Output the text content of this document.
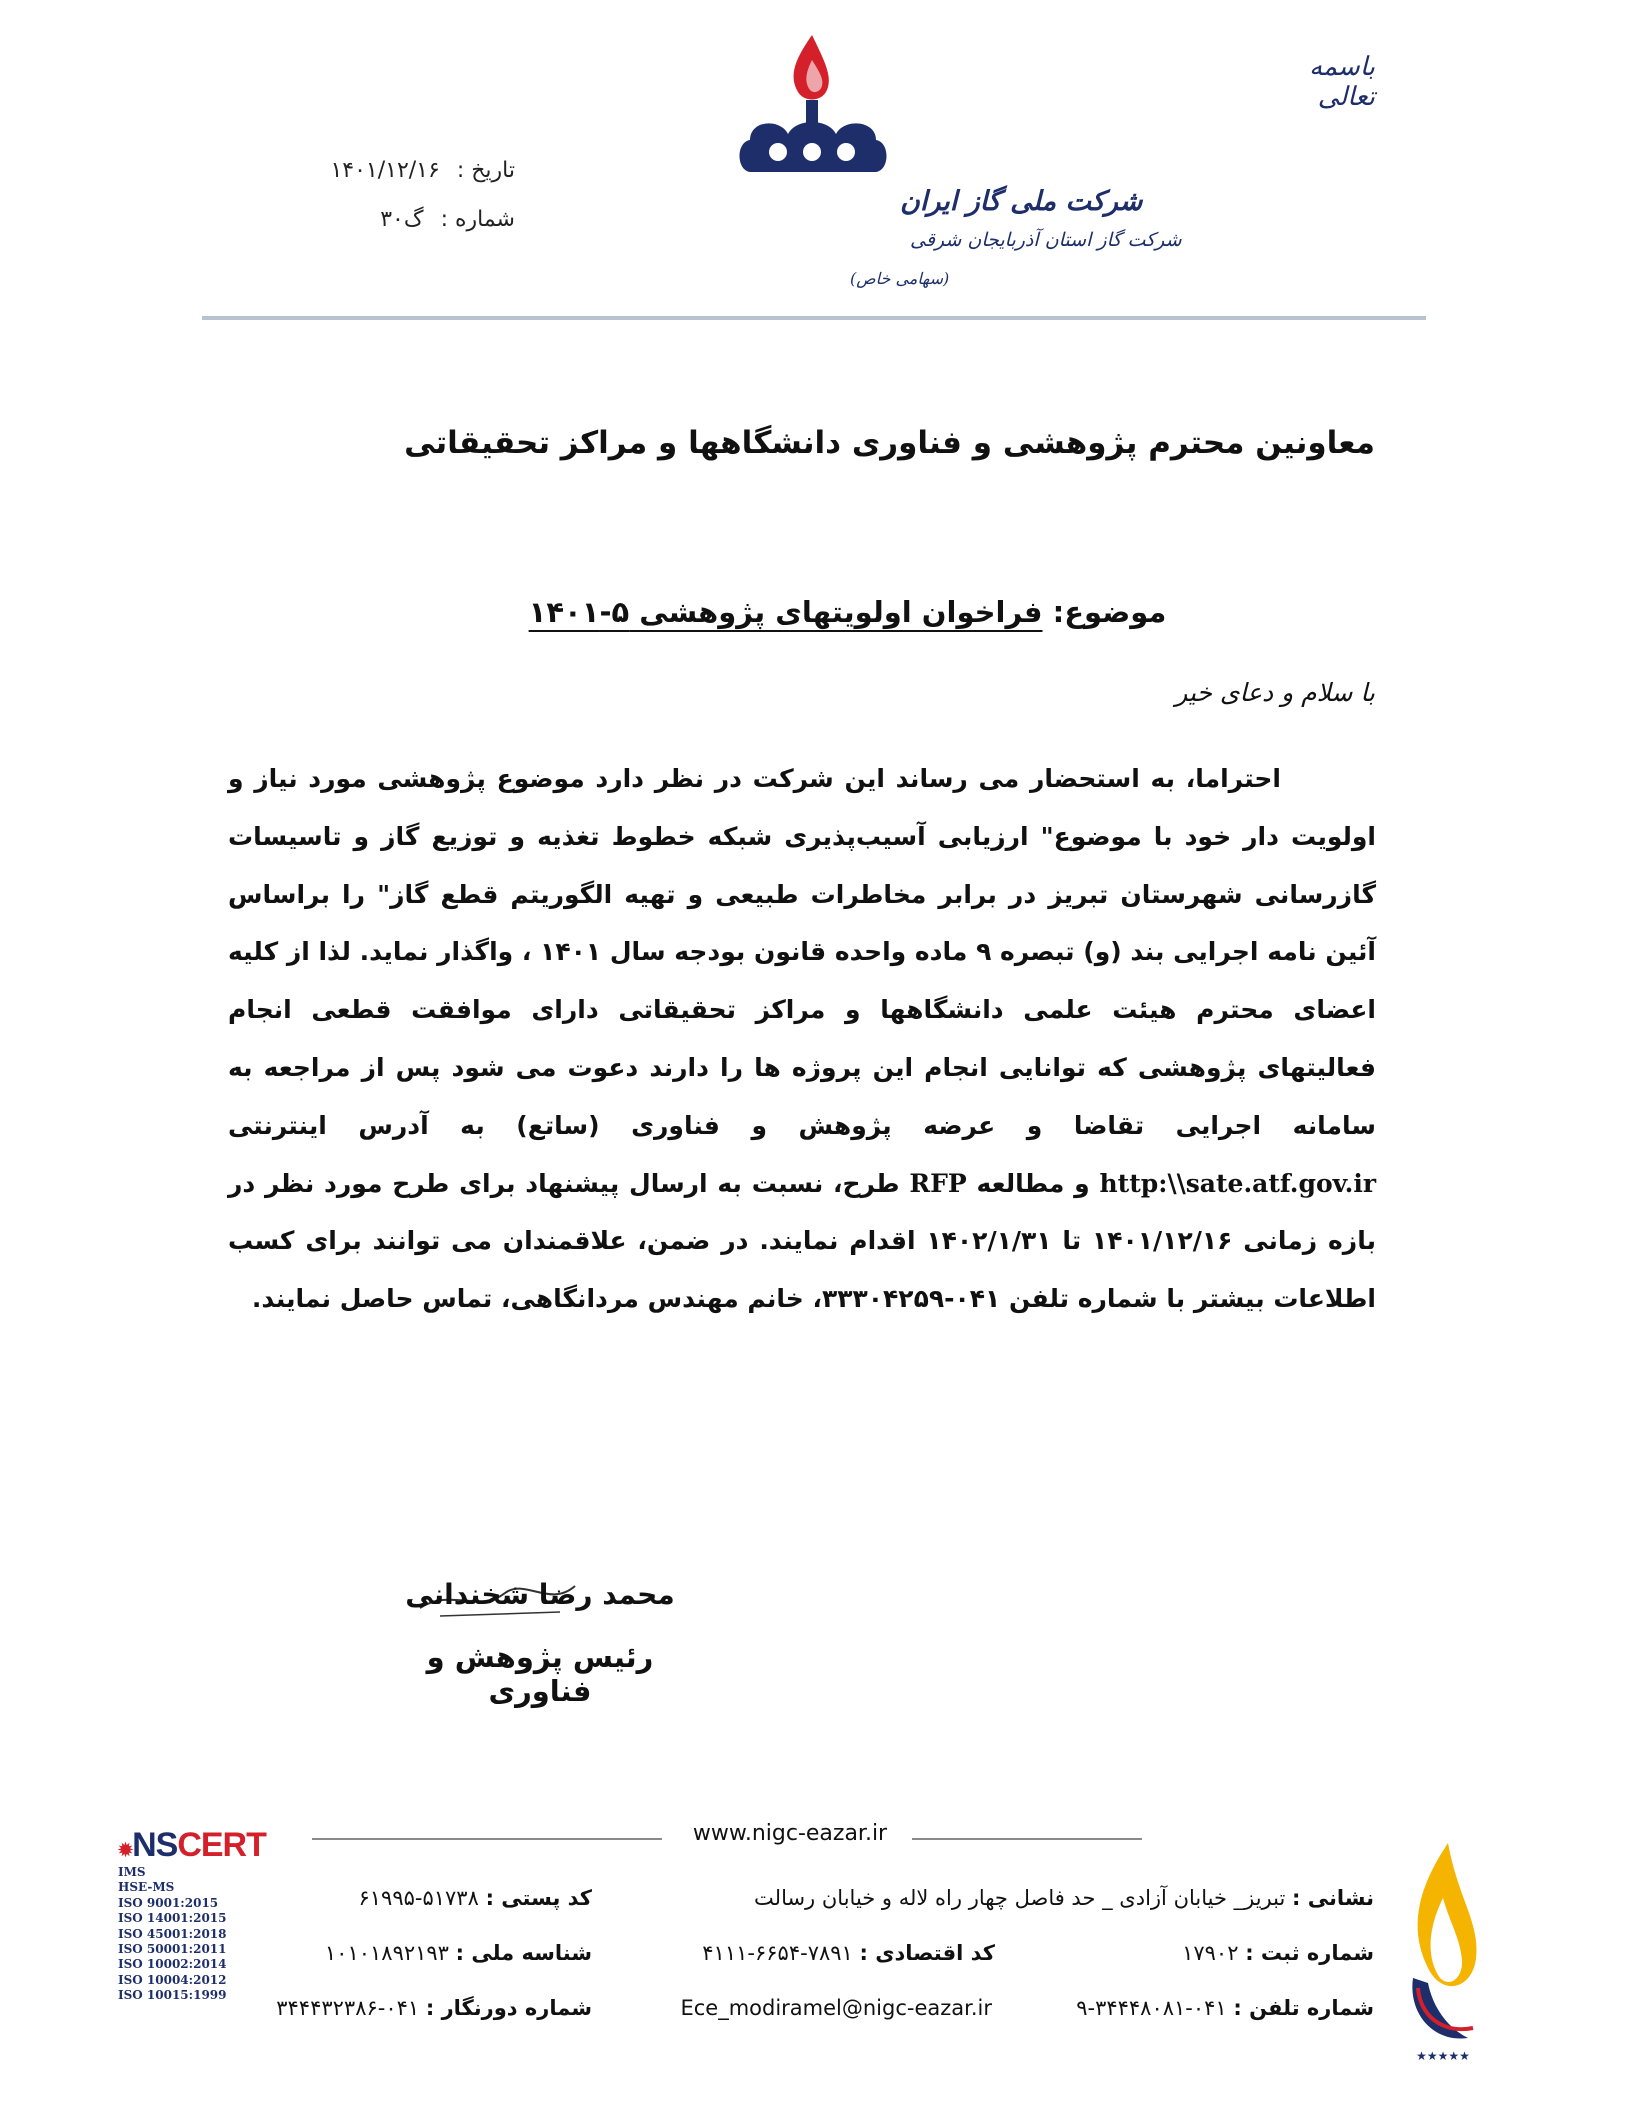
باسمه تعالی
تاریخ : ۱۴۰۱/۱۲/۱۶
شماره : گ۳۰
شرکت ملی گاز ایران
شرکت گاز استان آذربایجان شرقی
(سهامی خاص)
معاونین محترم پژوهشی و فناوری دانشگاهها و مراکز تحقیقاتی
موضوع: فراخوان اولویتهای پژوهشی ۵-۱۴۰۱
با سلام و دعای خیر

احتراما، به استحضار می رساند این شرکت در نظر دارد موضوع پژوهشی مورد نیاز و اولویت دار خود با موضوع" ارزیابی آسیب‌پذیری شبکه خطوط تغذیه و توزیع گاز و تاسیسات گازرسانی شهرستان تبریز در برابر مخاطرات طبیعی و تهیه الگوریتم قطع گاز" را براساس آئین نامه اجرایی بند (و) تبصره ۹ ماده واحده قانون بودجه سال ۱۴۰۱ ، واگذار نماید. لذا از کلیه اعضای محترم هیئت علمی دانشگاهها و مراکز تحقیقاتی دارای موافقت قطعی انجام فعالیتهای پژوهشی که توانایی انجام این پروژه ها را دارند دعوت می شود پس از مراجعه به سامانه اجرایی تقاضا و عرضه پژوهش و فناوری (ساتع) به آدرس اینترنتی http:\\sate.atf.gov.ir و مطالعه RFP طرح، نسبت به ارسال پیشنهاد برای طرح مورد نظر در بازه زمانی ۱۴۰۱/۱۲/۱۶ تا ۱۴۰۲/۱/۳۱ اقدام نمایند. در ضمن، علاقمندان می توانند برای کسب اطلاعات بیشتر با شماره تلفن ۰۴۱-۳۳۳۰۴۲۵۹، خانم مهندس مردانگاهی، تماس حاصل نمایند.

محمد رضا شخندانی
رئیس پژوهش و فناوری
www.nigc-eazar.ir
نشانی : تبریز_ خیابان آزادی _ حد فاصل چهار راه لاله و خیابان رسالت
کد پستی : ۵۱۷۳۸-۶۱۹۹۵
شماره ثبت : ۱۷۹۰۲
کد اقتصادی : ۷۸۹۱-۶۶۵۴-۴۱۱۱
شناسه ملی : ۱۰۱۰۱۸۹۲۱۹۳
شماره تلفن : ۰۴۱-۳۴۴۴۸۰۸۱-۹
Ece_modiramel@nigc-eazar.ir
شماره دورنگار : ۰۴۱-۳۴۴۴۳۲۳۸۶
✹NSCERT
IMS
HSE-MS
ISO 9001:2015
ISO 14001:2015
ISO 45001:2018
ISO 50001:2011
ISO 10002:2014
ISO 10004:2012
ISO 10015:1999
★★★★★
